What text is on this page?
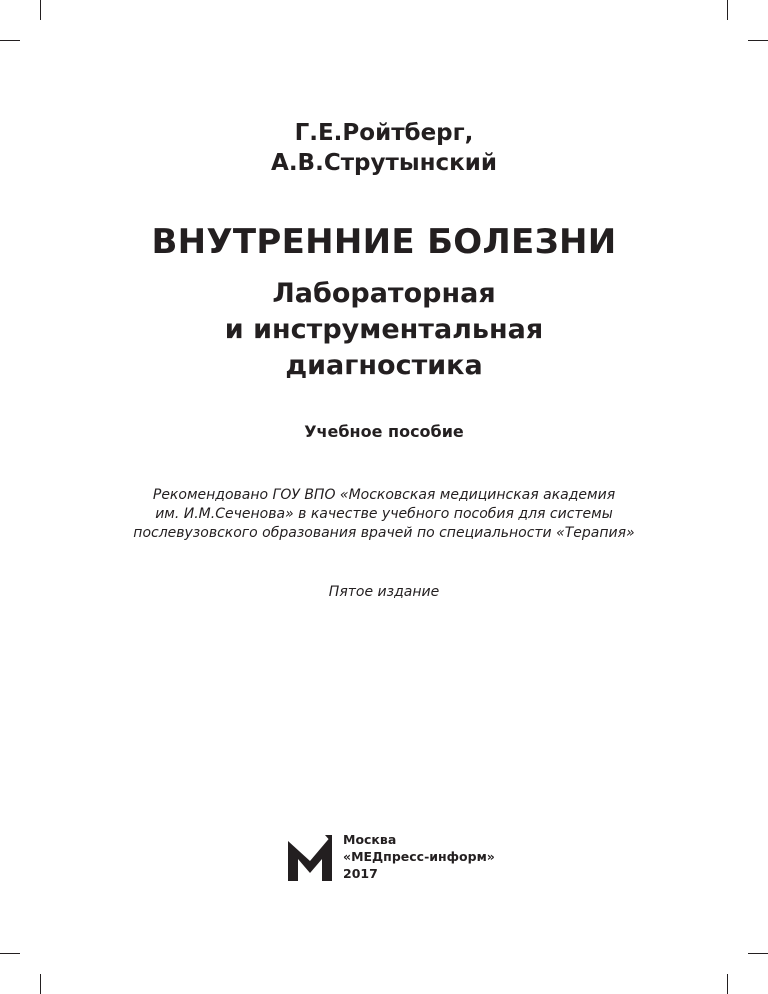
Г.Е.Ройтберг,
А.В.Струтынский
ВНУТРЕННИЕ БОЛЕЗНИ
Лабораторная
и инструментальная
диагностика
Учебное пособие
Рекомендовано ГОУ ВПО «Московская медицинская академия
им. И.М.Сеченова» в качестве учебного пособия для системы
послевузовского образования врачей по специальности «Терапия»
Пятое издание
Москва
«МЕДпресс-информ»
2017
